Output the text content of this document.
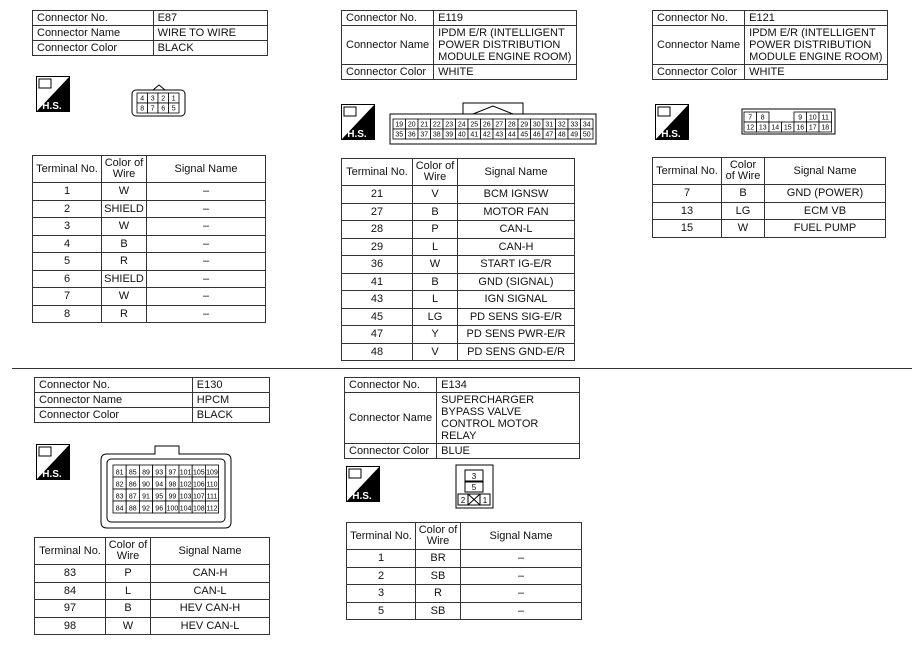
Connector No.	E87
Connector Name	WIRE TO WIRE
Connector Color	BLACK
H.S.
4 3 2 1
8 7 6 5
Terminal No.	Color of Wire	Signal Name
1	W	–
2	SHIELD	–
3	W	–
4	B	–
5	R	–
6	SHIELD	–
7	W	–
8	R	–
Connector No.	E119
Connector Name	IPDM E/R (INTELLIGENT POWER DISTRIBUTION MODULE ENGINE ROOM)
Connector Color	WHITE
H.S.
19 20 21 22 23 24 25 26 27 28 29 30 31 32 33 34
35 36 37 38 39 40 41 42 43 44 45 46 47 48 49 50
Terminal No.	Color of Wire	Signal Name
21	V	BCM IGNSW
27	B	MOTOR FAN
28	P	CAN-L
29	L	CAN-H
36	W	START IG-E/R
41	B	GND (SIGNAL)
43	L	IGN SIGNAL
45	LG	PD SENS SIG-E/R
47	Y	PD SENS PWR-E/R
48	V	PD SENS GND-E/R
Connector No.	E121
Connector Name	IPDM E/R (INTELLIGENT POWER DISTRIBUTION MODULE ENGINE ROOM)
Connector Color	WHITE
H.S.
7 8	9 10 11
12 13 14 15 16 17 18
Terminal No.	Color of Wire	Signal Name
7	B	GND (POWER)
13	LG	ECM VB
15	W	FUEL PUMP
Connector No.	E130
Connector Name	HPCM
Connector Color	BLACK
H.S.	81 85 89 93 97 101 105 109
82 86 90 94 98 102 106 110
83 87 91 95 99 103 107 111
84 88 92 96 100 104 108 112
Terminal No.	Color of Wire	Signal Name
83	P	CAN-H
84	L	CAN-L
97	B	HEV CAN-H
98	W	HEV CAN-L
Connector No.	E134
Connector Name	SUPERCHARGER BYPASS VALVE CONTROL MOTOR RELAY
Connector Color	BLUE
H.S.
3
5
2 1
Terminal No.	Color of Wire	Signal Name
1	BR	–
2	SB	–
3	R	–
5	SB	–
